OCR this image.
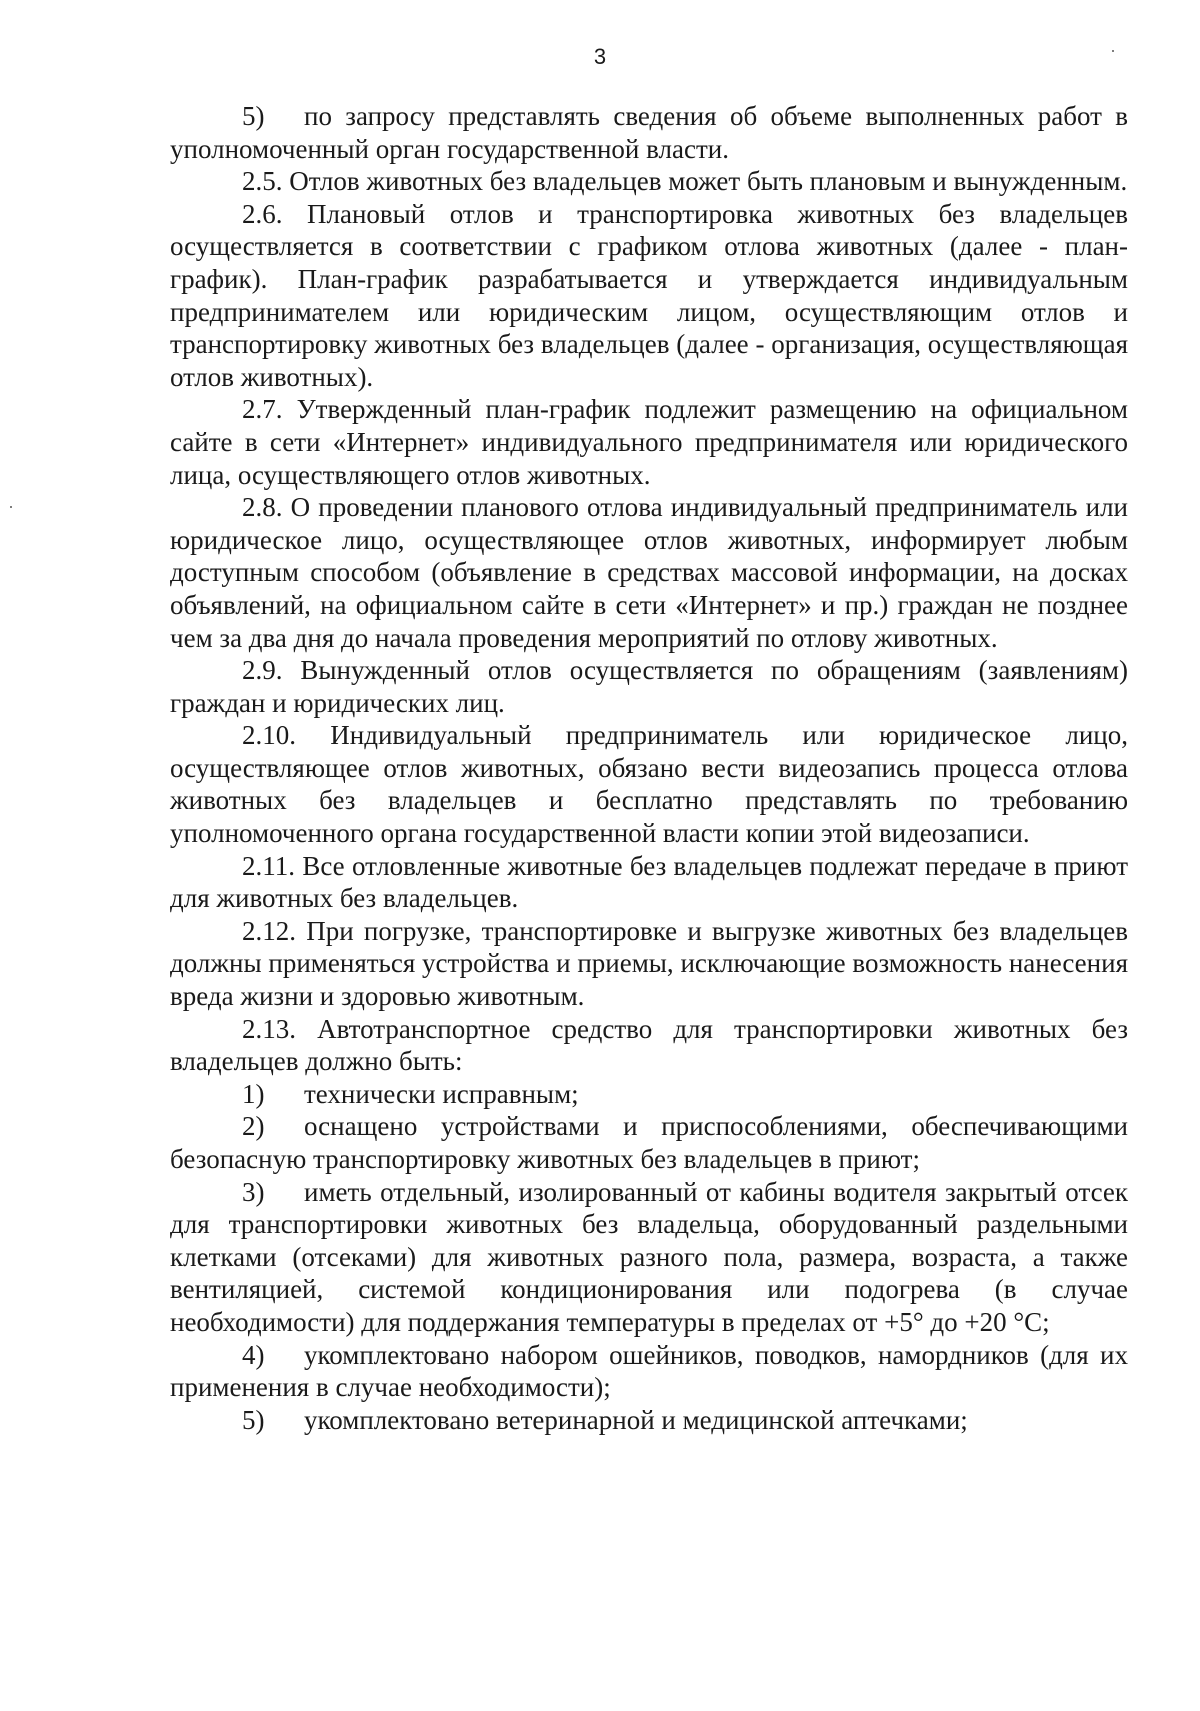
3

5) по запросу представлять сведения об объеме выполненных работ в уполномоченный орган государственной власти.

2.5. Отлов животных без владельцев может быть плановым и вынужденным.

2.6. Плановый отлов и транспортировка животных без владельцев осуществляется в соответствии с графиком отлова животных (далее - план-график). План-график разрабатывается и утверждается индивидуальным предпринимателем или юридическим лицом, осуществляющим отлов и транспортировку животных без владельцев (далее - организация, осуществляющая отлов животных).

2.7. Утвержденный план-график подлежит размещению на официальном сайте в сети «Интернет» индивидуального предпринимателя или юридического лица, осуществляющего отлов животных.

2.8. О проведении планового отлова индивидуальный предприниматель или юридическое лицо, осуществляющее отлов животных, информирует любым доступным способом (объявление в средствах массовой информации, на досках объявлений, на официальном сайте в сети «Интернет» и пр.) граждан не позднее чем за два дня до начала проведения мероприятий по отлову животных.

2.9. Вынужденный отлов осуществляется по обращениям (заявлениям) граждан и юридических лиц.

2.10. Индивидуальный предприниматель или юридическое лицо, осуществляющее отлов животных, обязано вести видеозапись процесса отлова животных без владельцев и бесплатно представлять по требованию уполномоченного органа государственной власти копии этой видеозаписи.

2.11. Все отловленные животные без владельцев подлежат передаче в приют для животных без владельцев.

2.12. При погрузке, транспортировке и выгрузке животных без владельцев должны применяться устройства и приемы, исключающие возможность нанесения вреда жизни и здоровью животным.

2.13. Автотранспортное средство для транспортировки животных без владельцев должно быть:

1) технически исправным;

2) оснащено устройствами и приспособлениями, обеспечивающими безопасную транспортировку животных без владельцев в приют;

3) иметь отдельный, изолированный от кабины водителя закрытый отсек для транспортировки животных без владельца, оборудованный раздельными клетками (отсеками) для животных разного пола, размера, возраста, а также вентиляцией, системой кондиционирования или подогрева (в случае необходимости) для поддержания температуры в пределах от +5° до +20 °С;

4) укомплектовано набором ошейников, поводков, намордников (для их применения в случае необходимости);

5) укомплектовано ветеринарной и медицинской аптечками;
